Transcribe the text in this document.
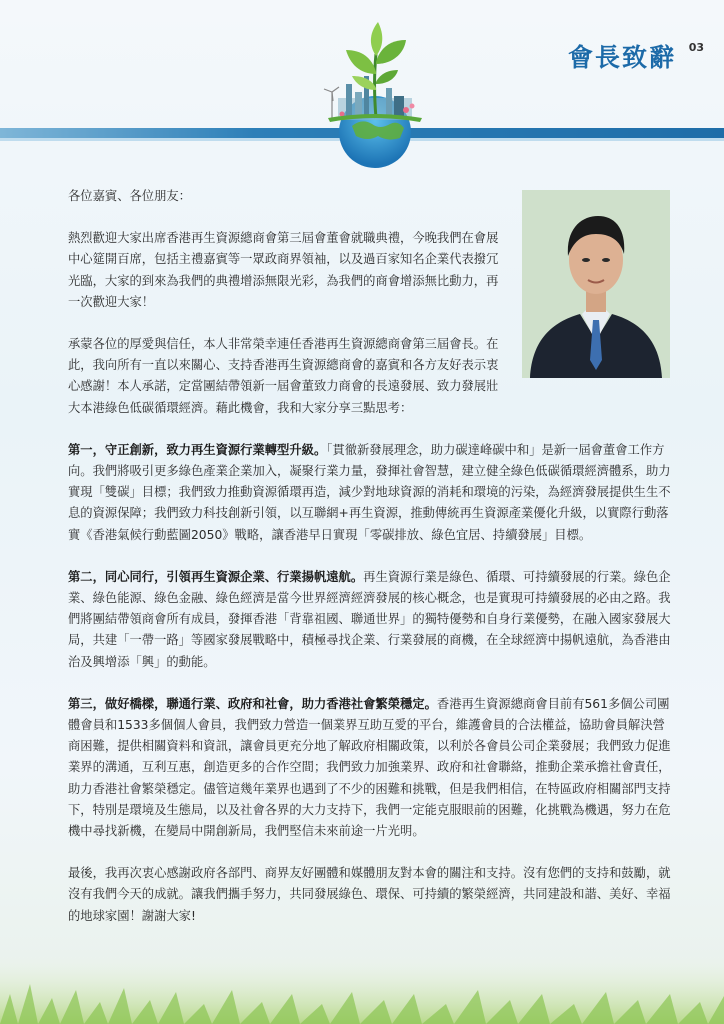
會長致辭 03

各位嘉賓、各位朋友：

熱烈歡迎大家出席香港再生資源總商會第三屆會董會就職典禮，今晚我們在會展中心筵開百席，包括主禮嘉賓等一眾政商界領袖，以及過百家知名企業代表撥冗光臨，大家的到來為我們的典禮增添無限光彩，為我們的商會增添無比動力，再一次歡迎大家！

承蒙各位的厚愛與信任，本人非常榮幸連任香港再生資源總商會第三屆會長。在此，我向所有一直以來關心、支持香港再生資源總商會的嘉賓和各方友好表示衷心感謝！本人承諾，定當團結帶領新一屆會董致力商會的長遠發展、致力發展壯大本港綠色低碳循環經濟。藉此機會，我和大家分享三點思考：

第一，守正創新，致力再生資源行業轉型升級。「貫徹新發展理念，助力碳達峰碳中和」是新一屆會董會工作方向。我們將吸引更多綠色產業企業加入，凝聚行業力量，發揮社會智慧，建立健全綠色低碳循環經濟體系，助力實現「雙碳」目標；我們致力推動資源循環再造，減少對地球資源的消耗和環境的污染，為經濟發展提供生生不息的資源保障；我們致力科技創新引領，以互聯網+再生資源，推動傳統再生資源產業優化升級，以實際行動落實《香港氣候行動藍圖2050》戰略，讓香港早日實現「零碳排放、綠色宜居、持續發展」目標。

第二，同心同行，引領再生資源企業、行業揚帆遠航。再生資源行業是綠色、循環、可持續發展的行業。綠色企業、綠色能源、綠色金融、綠色經濟是當今世界經濟經濟發展的核心概念，也是實現可持續發展的必由之路。我們將團結帶領商會所有成員，發揮香港「背靠祖國、聯通世界」的獨特優勢和自身行業優勢，在融入國家發展大局，共建「一帶一路」等國家發展戰略中，積極尋找企業、行業發展的商機，在全球經濟中揚帆遠航，為香港由治及興增添「興」的動能。

第三，做好橋樑，聯通行業、政府和社會，助力香港社會繁榮穩定。香港再生資源總商會目前有561多個公司團體會員和1533多個個人會員，我們致力營造一個業界互助互愛的平台，維護會員的合法權益，協助會員解決營商困難，提供相關資料和資訊，讓會員更充分地了解政府相關政策，以利於各會員公司企業發展；我們致力促進業界的溝通，互利互惠，創造更多的合作空間；我們致力加強業界、政府和社會聯絡，推動企業承擔社會責任，助力香港社會繁榮穩定。儘管這幾年業界也遇到了不少的困難和挑戰，但是我們相信，在特區政府相關部門支持下，特別是環境及生態局，以及社會各界的大力支持下，我們一定能克服眼前的困難，化挑戰為機遇，努力在危機中尋找新機，在變局中開創新局，我們堅信未來前途一片光明。

最後，我再次衷心感謝政府各部門、商界友好團體和媒體朋友對本會的關注和支持。沒有您們的支持和鼓勵，就沒有我們今天的成就。讓我們攜手努力，共同發展綠色、環保、可持續的繁榮經濟，共同建設和諧、美好、幸福的地球家園！謝謝大家!
